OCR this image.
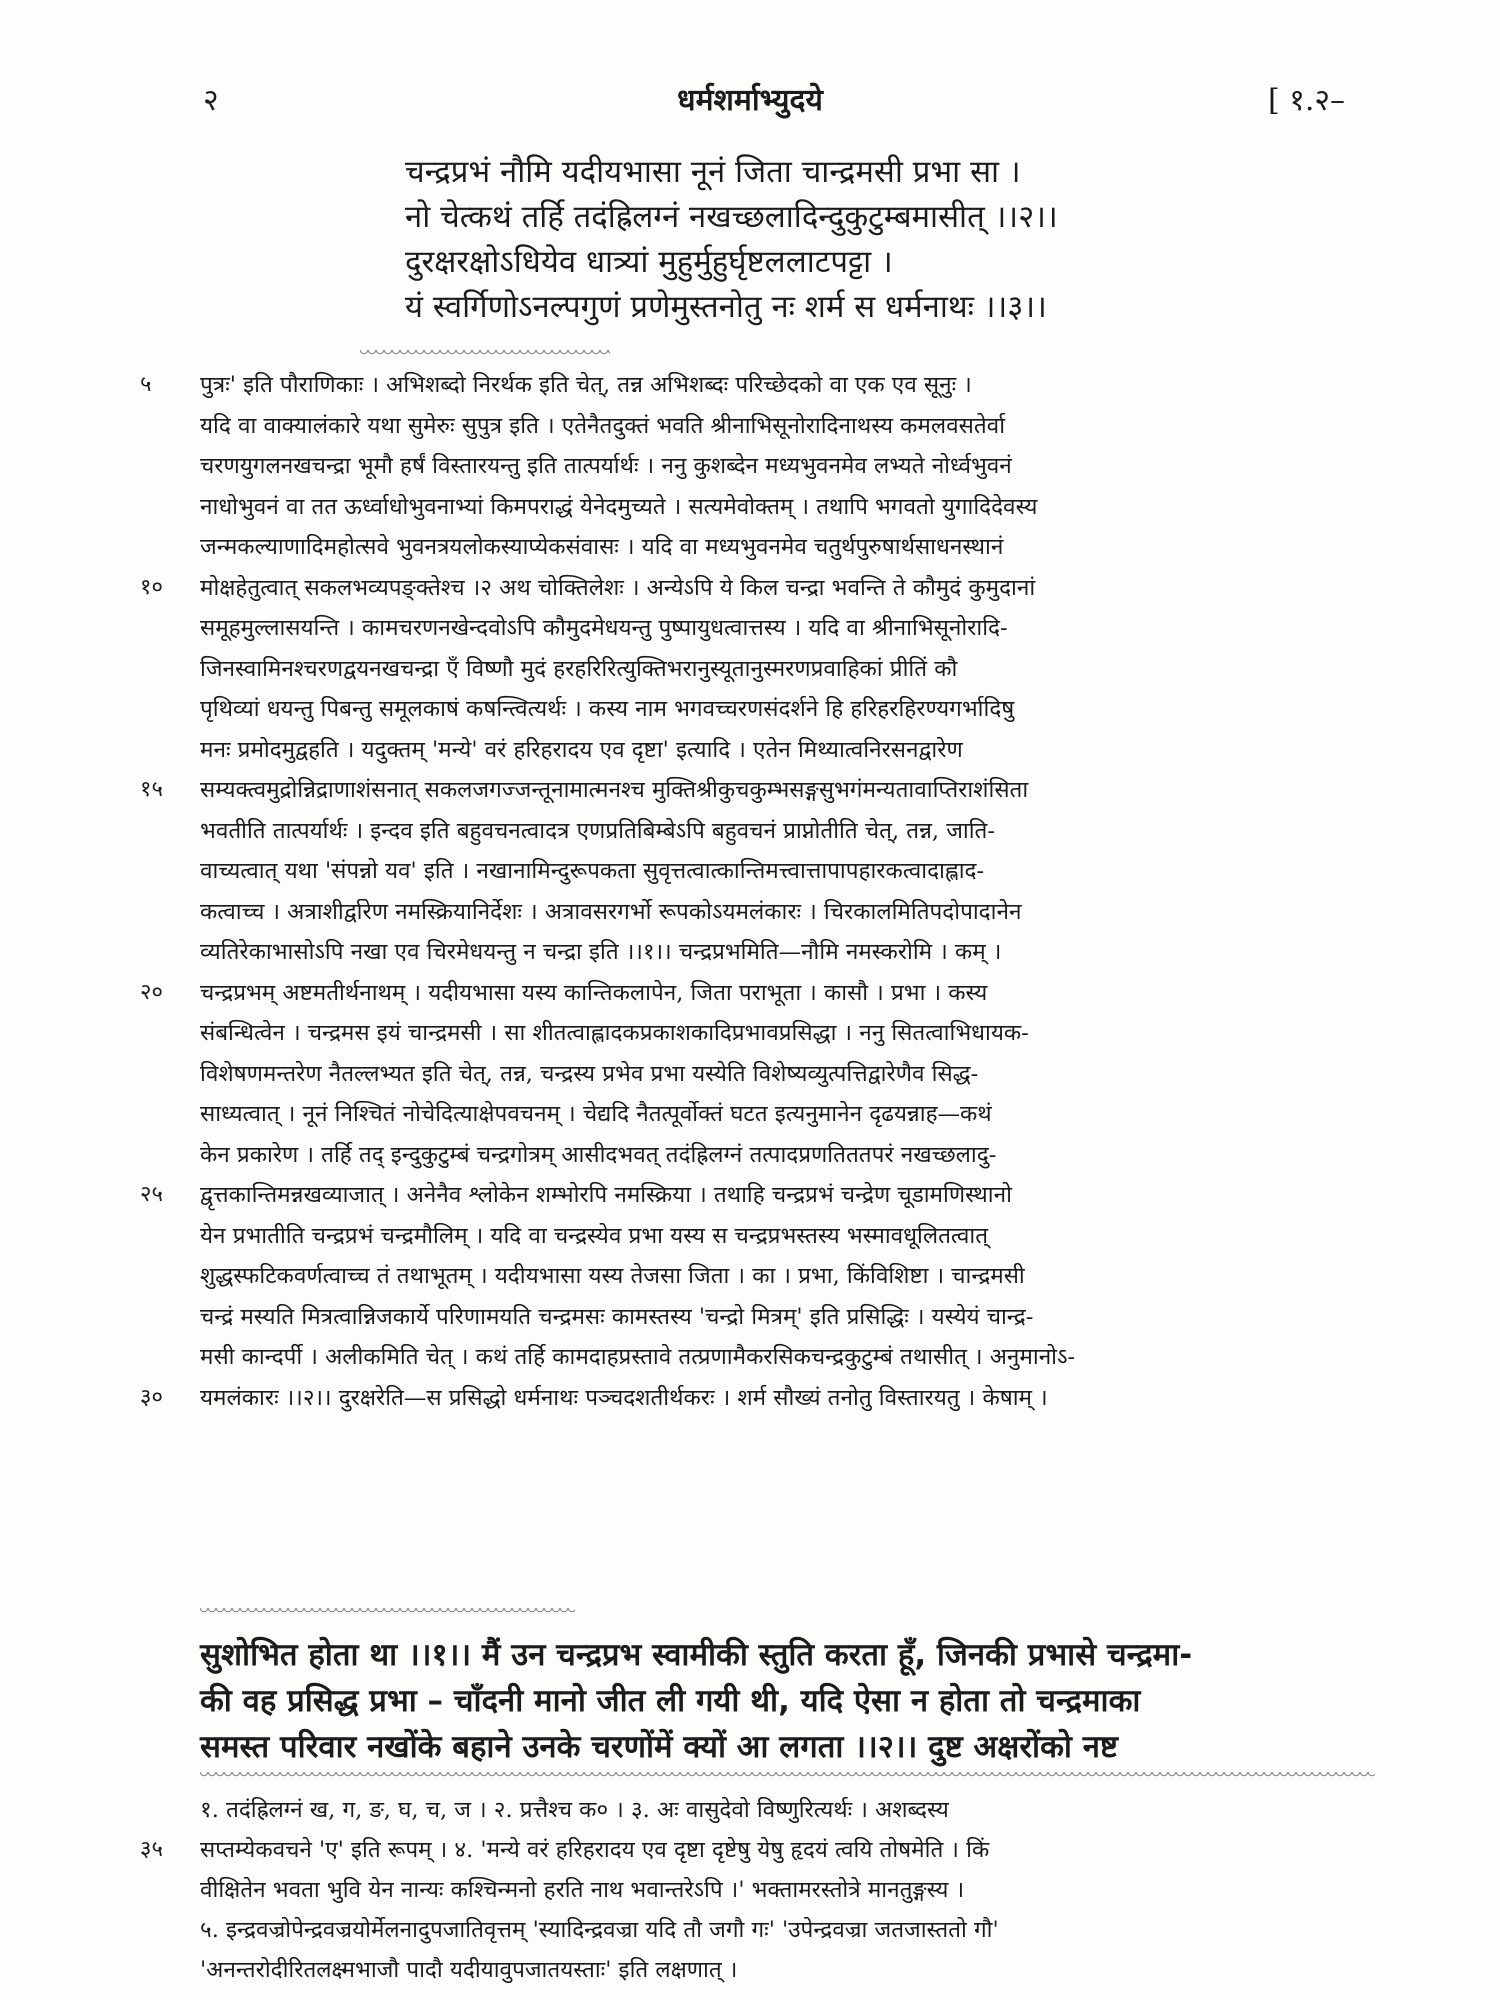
२	धर्मशर्माभ्युदये	[ १.२–
चन्द्रप्रभं नौमि यदीयभासा नूनं जिता चान्द्रमसी प्रभा सा ।
नो चेत्कथं तर्हि तदंह्रिलग्नं नखच्छलादिन्दुकुटुम्बमासीत् ।।२।।
दुरक्षरक्षोऽधियेव धात्र्यां मुहुर्मुहुर्घृष्टललाटपट्टा ।
यं स्वर्गिणोऽनल्पगुणं प्रणेमुस्तनोतु नः शर्म स धर्मनाथः ।।३।।
५	पुत्रः' इति पौराणिकाः । अभिशब्दो निरर्थक इति चेत्, तन्न अभिशब्दः परिच्छेदको वा एक एव सूनुः ।
यदि वा वाक्यालंकारे यथा सुमेरुः सुपुत्र इति । एतेनैतदुक्तं भवति श्रीनाभिसूनोरादिनाथस्य कमलवसतेर्वा
चरणयुगलनखचन्द्रा भूमौ हर्षं विस्तारयन्तु इति तात्पर्यार्थः । ननु कुशब्देन मध्यभुवनमेव लभ्यते नोर्ध्वभुवनं
नाधोभुवनं वा तत ऊर्ध्वाधोभुवनाभ्यां किमपराद्धं येनेदमुच्यते । सत्यमेवोक्तम् । तथापि भगवतो युगादिदेवस्य
जन्मकल्याणादिमहोत्सवे भुवनत्रयलोकस्याप्येकसंवासः । यदि वा मध्यभुवनमेव चतुर्थपुरुषार्थसाधनस्थानं
१०	मोक्षहेतुत्वात् सकलभव्यपङ्क्तेश्च ।२ अथ चोक्तिलेशः । अन्येऽपि ये किल चन्द्रा भवन्ति ते कौमुदं कुमुदानां
समूहमुल्लासयन्ति । कामचरणनखेन्दवोऽपि कौमुदमेधयन्तु पुष्पायुधत्वात्तस्य । यदि वा श्रीनाभिसूनोरादि-
जिनस्वामिनश्चरणद्वयनखचन्द्रा एँ विष्णौ मुदं हरहरिरित्युक्तिभरानुस्यूतानुस्मरणप्रवाहिकां प्रीतिं कौ
पृथिव्यां धयन्तु पिबन्तु समूलकाषं कषन्त्वित्यर्थः । कस्य नाम भगवच्चरणसंदर्शने हि हरिहरहिरण्यगर्भादिषु
मनः प्रमोदमुद्वहति । यदुक्तम् 'मन्ये' वरं हरिहरादय एव दृष्टा' इत्यादि । एतेन मिथ्यात्वनिरसनद्वारेण
१५	सम्यक्त्वमुद्रोन्निद्राणाशंसनात् सकलजगज्जन्तूनामात्मनश्च मुक्तिश्रीकुचकुम्भसङ्गसुभगंमन्यतावाप्तिराशंसिता
भवतीति तात्पर्यार्थः । इन्दव इति बहुवचनत्वादत्र एणप्रतिबिम्बेऽपि बहुवचनं प्राप्नोतीति चेत्, तन्न, जाति-
वाच्यत्वात् यथा 'संपन्नो यव' इति । नखानामिन्दुरूपकता सुवृत्तत्वात्कान्तिमत्त्वात्तापापहारकत्वादाह्लाद-
कत्वाच्च । अत्राशीर्द्वारेण नमस्क्रियानिर्देशः । अत्रावसरगर्भो रूपकोऽयमलंकारः । चिरकालमितिपदोपादानेन
व्यतिरेकाभासोऽपि नखा एव चिरमेधयन्तु न चन्द्रा इति ।।१।। चन्द्रप्रभमिति—नौमि नमस्करोमि । कम् ।
२०	चन्द्रप्रभम् अष्टमतीर्थनाथम् । यदीयभासा यस्य कान्तिकलापेन, जिता पराभूता । कासौ । प्रभा । कस्य
संबन्धित्वेन । चन्द्रमस इयं चान्द्रमसी । सा शीतत्वाह्लादकप्रकाशकादिप्रभावप्रसिद्धा । ननु सितत्वाभिधायक-
विशेषणमन्तरेण नैतल्लभ्यत इति चेत्, तन्न, चन्द्रस्य प्रभेव प्रभा यस्येति विशेष्यव्युत्पत्तिद्वारेणैव सिद्ध-
साध्यत्वात् । नूनं निश्चितं नोचेदित्याक्षेपवचनम् । चेद्यदि नैतत्पूर्वोक्तं घटत इत्यनुमानेन दृढयन्नाह—कथं
केन प्रकारेण । तर्हि तद् इन्दुकुटुम्बं चन्द्रगोत्रम् आसीदभवत् तदंह्रिलग्नं तत्पादप्रणतिततपरं नखच्छलादु-
२५	द्वृत्तकान्तिमन्नखव्याजात् । अनेनैव श्लोकेन शम्भोरपि नमस्क्रिया । तथाहि चन्द्रप्रभं चन्द्रेण चूडामणिस्थानो
येन प्रभातीति चन्द्रप्रभं चन्द्रमौलिम् । यदि वा चन्द्रस्येव प्रभा यस्य स चन्द्रप्रभस्तस्य भस्मावधूलितत्वात्
शुद्धस्फटिकवर्णत्वाच्च तं तथाभूतम् । यदीयभासा यस्य तेजसा जिता । का । प्रभा, किंविशिष्टा । चान्द्रमसी
चन्द्रं मस्यति मित्रत्वान्निजकार्ये परिणामयति चन्द्रमसः कामस्तस्य 'चन्द्रो मित्रम्' इति प्रसिद्धिः । यस्येयं चान्द्र-
मसी कान्दर्पी । अलीकमिति चेत् । कथं तर्हि कामदाहप्रस्तावे तत्प्रणामैकरसिकचन्द्रकुटुम्बं तथासीत् । अनुमानोऽ-
३०	यमलंकारः ।।२।। दुरक्षरेति—स प्रसिद्धो धर्मनाथः पञ्चदशतीर्थकरः । शर्म सौख्यं तनोतु विस्तारयतु । केषाम् ।
सुशोभित होता था ।।१।। मैं उन चन्द्रप्रभ स्वामीकी स्तुति करता हूँ, जिनकी प्रभासे चन्द्रमा-
की वह प्रसिद्ध प्रभा – चाँदनी मानो जीत ली गयी थी, यदि ऐसा न होता तो चन्द्रमाका
समस्त परिवार नखोंके बहाने उनके चरणोंमें क्यों आ लगता ।।२।। दुष्ट अक्षरोंको नष्ट
१. तदंह्रिलग्नं ख, ग, ङ, घ, च, ज । २. प्रत्तैश्च क० । ३. अः वासुदेवो विष्णुरित्यर्थः । अशब्दस्य
३५ सप्तम्येकवचने 'ए' इति रूपम् । ४. 'मन्ये वरं हरिहरादय एव दृष्टा दृष्टेषु येषु हृदयं त्वयि तोषमेति । किं
वीक्षितेन भवता भुवि येन नान्यः कश्चिन्मनो हरति नाथ भवान्तरेऽपि ।' भक्तामरस्तोत्रे मानतुङ्गस्य ।
५. इन्द्रवज्रोपेन्द्रवज्रयोर्मेलनादुपजातिवृत्तम् 'स्यादिन्द्रवज्रा यदि तौ जगौ गः' 'उपेन्द्रवज्रा जतजास्ततो गौ'
'अनन्तरोदीरितलक्ष्मभाजौ पादौ यदीयावुपजातयस्ताः' इति लक्षणात् ।
